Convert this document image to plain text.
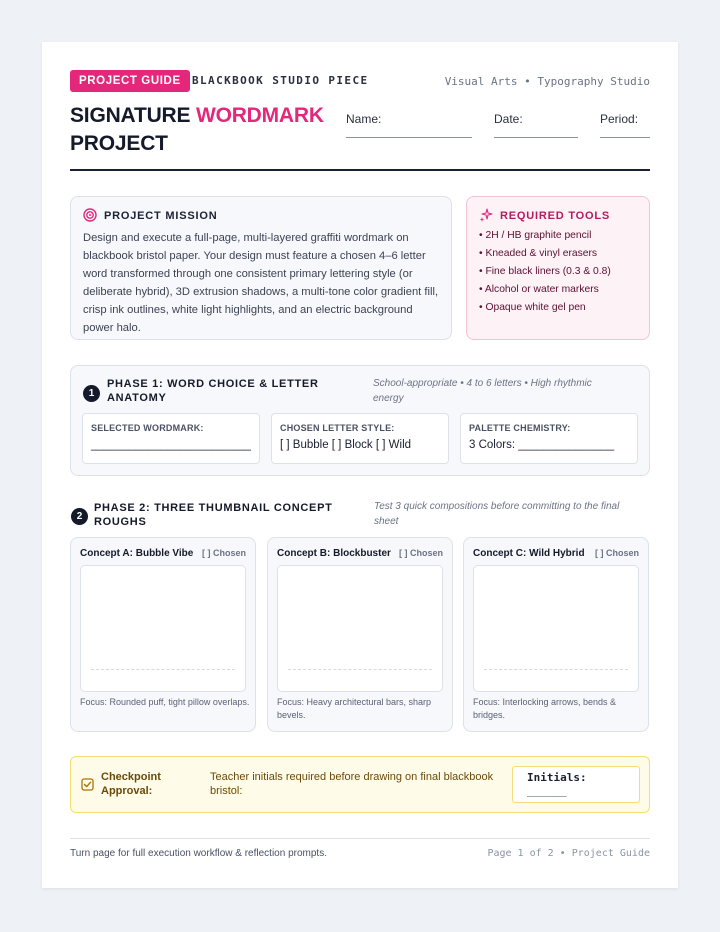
PROJECT GUIDE	BLACKBOOK STUDIO PIECE	Visual Arts • Typography Studio
SIGNATURE WORDMARK
PROJECT
Name:	Date:	Period:
PROJECT MISSION

Design and execute a full-page, multi-layered graffiti wordmark on blackbook bristol paper. Your design must feature a chosen 4–6 letter word transformed through one consistent primary lettering style (or deliberate hybrid), 3D extrusion shadows, a multi-tone color gradient fill, crisp ink outlines, white light highlights, and an electric background power halo.

REQUIRED TOOLS
• 2H / HB graphite pencil
• Kneaded & vinyl erasers
• Fine black liners (0.3 & 0.8)
• Alcohol or water markers
• Opaque white gel pen
1
PHASE 1: WORD CHOICE & LETTER ANATOMY
School-appropriate • 4 to 6 letters • High rhythmic energy
SELECTED WORDMARK:
_________________________
CHOSEN LETTER STYLE:
[ ] Bubble [ ] Block [ ] Wild
PALETTE CHEMISTRY:
3 Colors: _______________
2
PHASE 2: THREE THUMBNAIL CONCEPT ROUGHS
Test 3 quick compositions before committing to the final sheet
Concept A: Bubble Vibe [ ] Chosen
Focus: Rounded puff, tight pillow overlaps.
Concept B: Blockbuster [ ] Chosen
Focus: Heavy architectural bars, sharp bevels.
Concept C: Wild Hybrid [ ] Chosen
Focus: Interlocking arrows, bends & bridges.
Checkpoint Approval:
Teacher initials required before drawing on final blackbook bristol:
Initials:
______
Turn page for full execution workflow & reflection prompts.	Page 1 of 2 • Project Guide
